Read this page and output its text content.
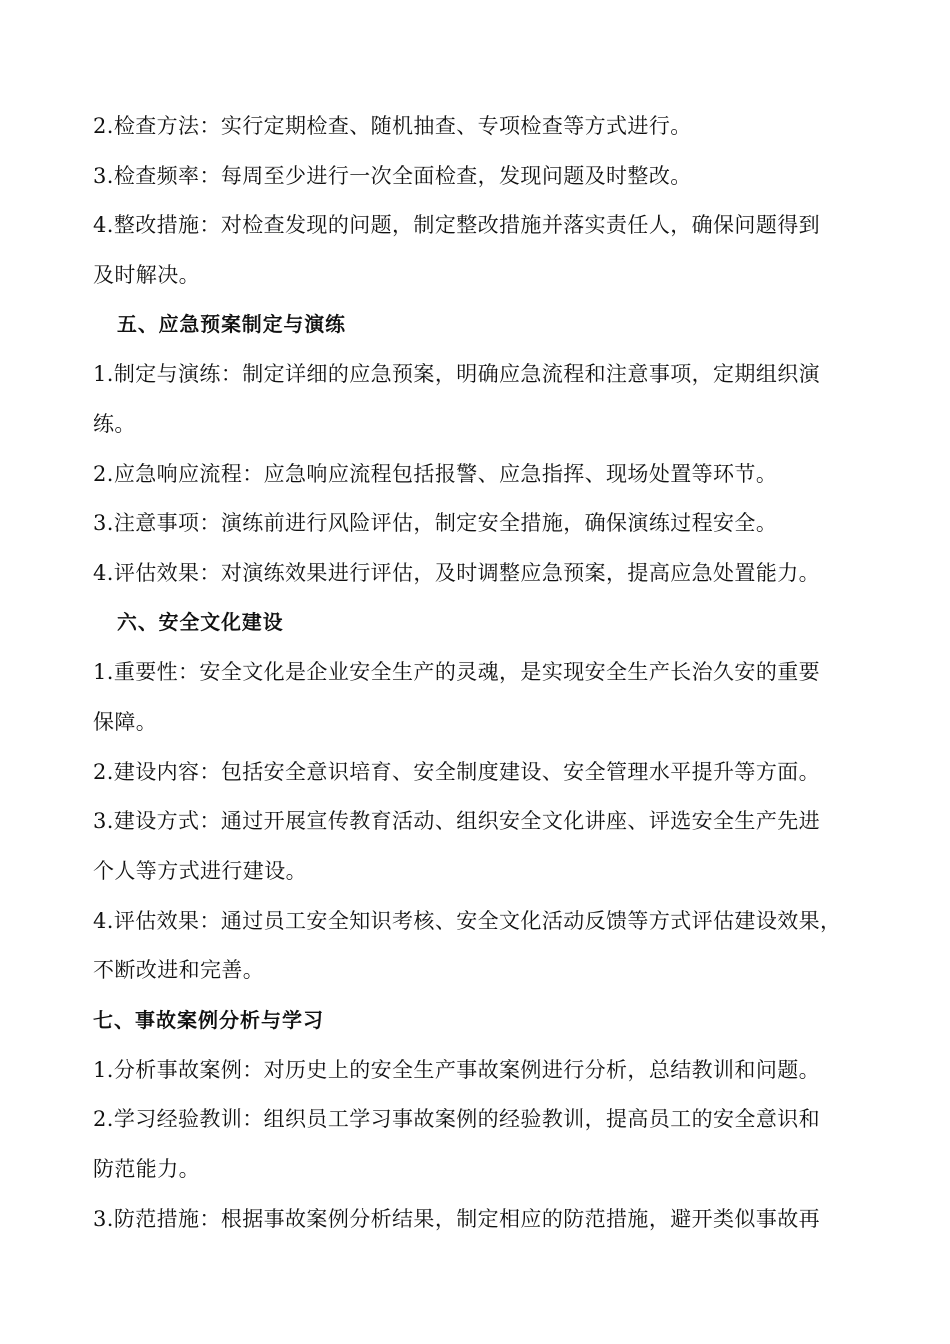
2.检查方法：实行定期检查、随机抽查、专项检查等方式进行。
3.检查频率：每周至少进行一次全面检查，发现问题及时整改。
4.整改措施：对检查发现的问题，制定整改措施并落实责任人，确保问题得到
及时解决。
五、应急预案制定与演练
1.制定与演练：制定详细的应急预案，明确应急流程和注意事项，定期组织演
练。
2.应急响应流程：应急响应流程包括报警、应急指挥、现场处置等环节。
3.注意事项：演练前进行风险评估，制定安全措施，确保演练过程安全。
4.评估效果：对演练效果进行评估，及时调整应急预案，提高应急处置能力。
六、安全文化建设
1.重要性：安全文化是企业安全生产的灵魂，是实现安全生产长治久安的重要
保障。
2.建设内容：包括安全意识培育、安全制度建设、安全管理水平提升等方面。
3.建设方式：通过开展宣传教育活动、组织安全文化讲座、评选安全生产先进
个人等方式进行建设。
4.评估效果：通过员工安全知识考核、安全文化活动反馈等方式评估建设效果，
不断改进和完善。
七、事故案例分析与学习
1.分析事故案例：对历史上的安全生产事故案例进行分析，总结教训和问题。
2.学习经验教训：组织员工学习事故案例的经验教训，提高员工的安全意识和
防范能力。
3.防范措施：根据事故案例分析结果，制定相应的防范措施，避开类似事故再
